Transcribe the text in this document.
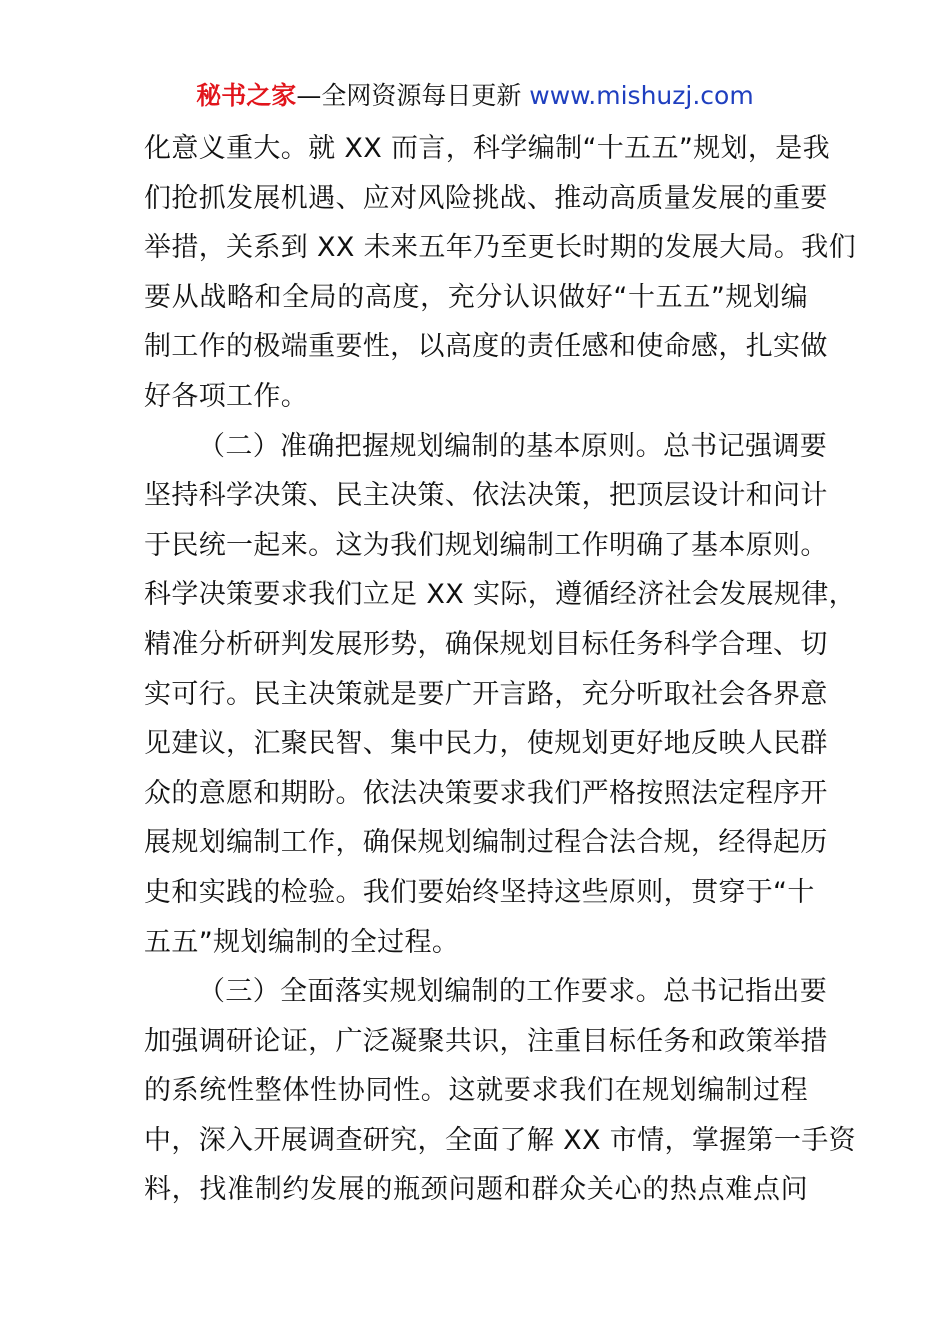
秘书之家—全网资源每日更新 www.mishuzj.com
化意义重大。就 XX 而言，科学编制“十五五”规划，是我
们抢抓发展机遇、应对风险挑战、推动高质量发展的重要
举措，关系到 XX 未来五年乃至更长时期的发展大局。我们
要从战略和全局的高度，充分认识做好“十五五”规划编
制工作的极端重要性，以高度的责任感和使命感，扎实做
好各项工作。
（二）准确把握规划编制的基本原则。总书记强调要
坚持科学决策、民主决策、依法决策，把顶层设计和问计
于民统一起来。这为我们规划编制工作明确了基本原则。
科学决策要求我们立足 XX 实际，遵循经济社会发展规律，
精准分析研判发展形势，确保规划目标任务科学合理、切
实可行。民主决策就是要广开言路，充分听取社会各界意
见建议，汇聚民智、集中民力，使规划更好地反映人民群
众的意愿和期盼。依法决策要求我们严格按照法定程序开
展规划编制工作，确保规划编制过程合法合规，经得起历
史和实践的检验。我们要始终坚持这些原则，贯穿于“十
五五”规划编制的全过程。
（三）全面落实规划编制的工作要求。总书记指出要
加强调研论证，广泛凝聚共识，注重目标任务和政策举措
的系统性整体性协同性。这就要求我们在规划编制过程
中，深入开展调查研究，全面了解 XX 市情，掌握第一手资
料，找准制约发展的瓶颈问题和群众关心的热点难点问
